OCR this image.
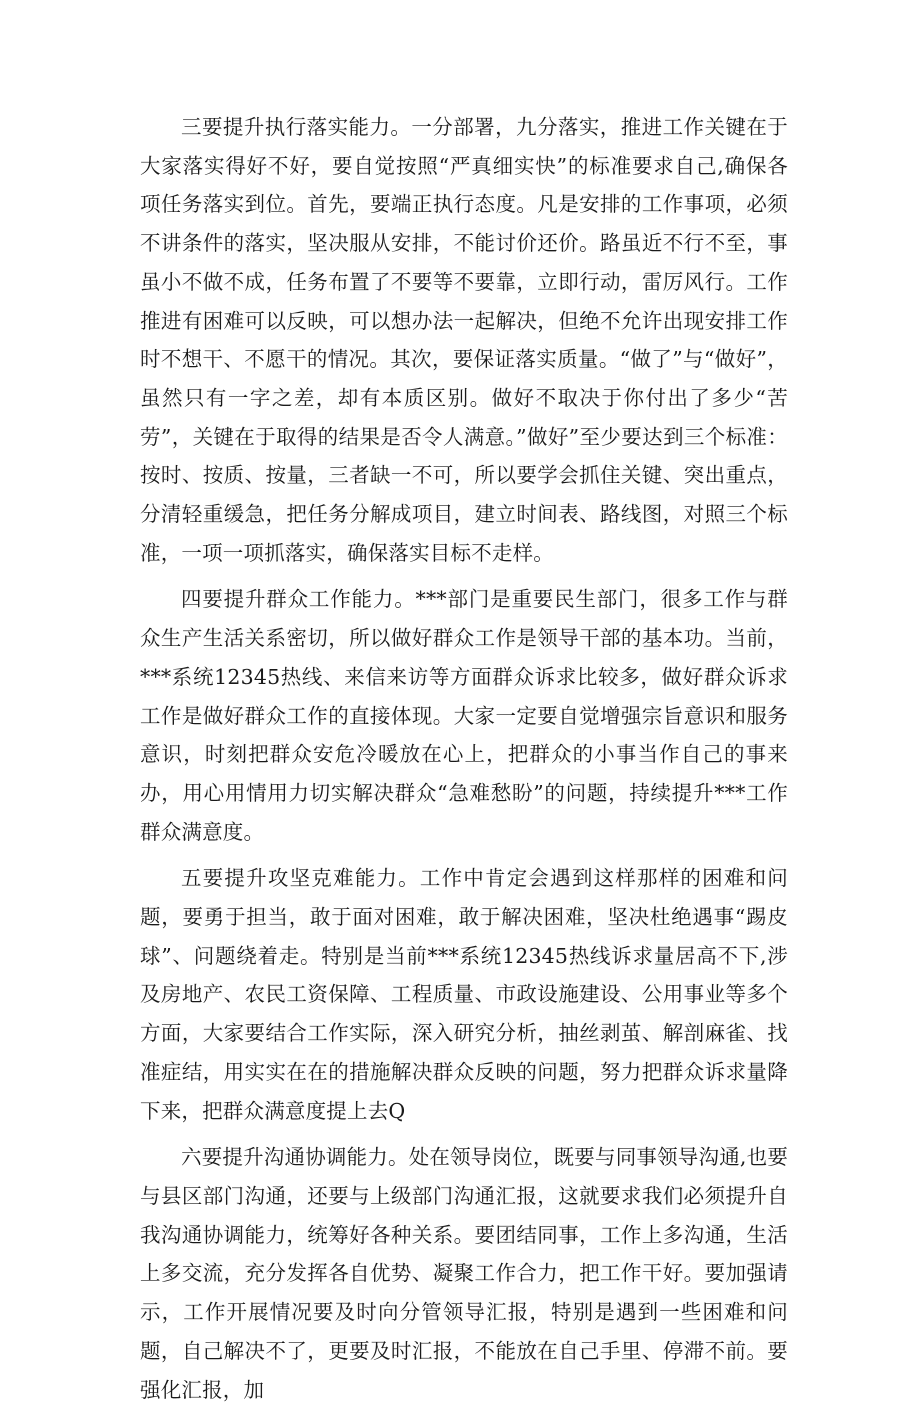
三要提升执行落实能力。一分部署，九分落实，推进工作关键在于大家落实得好不好，要自觉按照“严真细实快”的标准要求自己,确保各项任务落实到位。首先，要端正执行态度。凡是安排的工作事项，必须不讲条件的落实，坚决服从安排，不能讨价还价。路虽近不行不至，事虽小不做不成，任务布置了不要等不要靠，立即行动，雷厉风行。工作推进有困难可以反映，可以想办法一起解决，但绝不允许出现安排工作时不想干、不愿干的情况。其次，要保证落实质量。“做了”与“做好”，虽然只有一字之差，却有本质区别。做好不取决于你付出了多少“苦劳”，关键在于取得的结果是否令人满意。”做好”至少要达到三个标准：按时、按质、按量，三者缺一不可，所以要学会抓住关键、突出重点，分清轻重缓急，把任务分解成项目，建立时间表、路线图，对照三个标准，一项一项抓落实，确保落实目标不走样。

四要提升群众工作能力。***部门是重要民生部门，很多工作与群众生产生活关系密切，所以做好群众工作是领导干部的基本功。当前，***系统12345热线、来信来访等方面群众诉求比较多，做好群众诉求工作是做好群众工作的直接体现。大家一定要自觉增强宗旨意识和服务意识，时刻把群众安危冷暖放在心上，把群众的小事当作自己的事来办，用心用情用力切实解决群众“急难愁盼”的问题，持续提升***工作群众满意度。

五要提升攻坚克难能力。工作中肯定会遇到这样那样的困难和问题，要勇于担当，敢于面对困难，敢于解决困难，坚决杜绝遇事“踢皮球”、问题绕着走。特别是当前***系统12345热线诉求量居高不下,涉及房地产、农民工资保障、工程质量、市政设施建设、公用事业等多个方面，大家要结合工作实际，深入研究分析，抽丝剥茧、解剖麻雀、找准症结，用实实在在的措施解决群众反映的问题，努力把群众诉求量降下来，把群众满意度提上去Q

六要提升沟通协调能力。处在领导岗位，既要与同事领导沟通,也要与县区部门沟通，还要与上级部门沟通汇报，这就要求我们必须提升自我沟通协调能力，统筹好各种关系。要团结同事，工作上多沟通，生活上多交流，充分发挥各自优势、凝聚工作合力，把工作干好。要加强请示，工作开展情况要及时向分管领导汇报，特别是遇到一些困难和问题，自己解决不了，更要及时汇报，不能放在自己手里、停滞不前。要强化汇报，加
